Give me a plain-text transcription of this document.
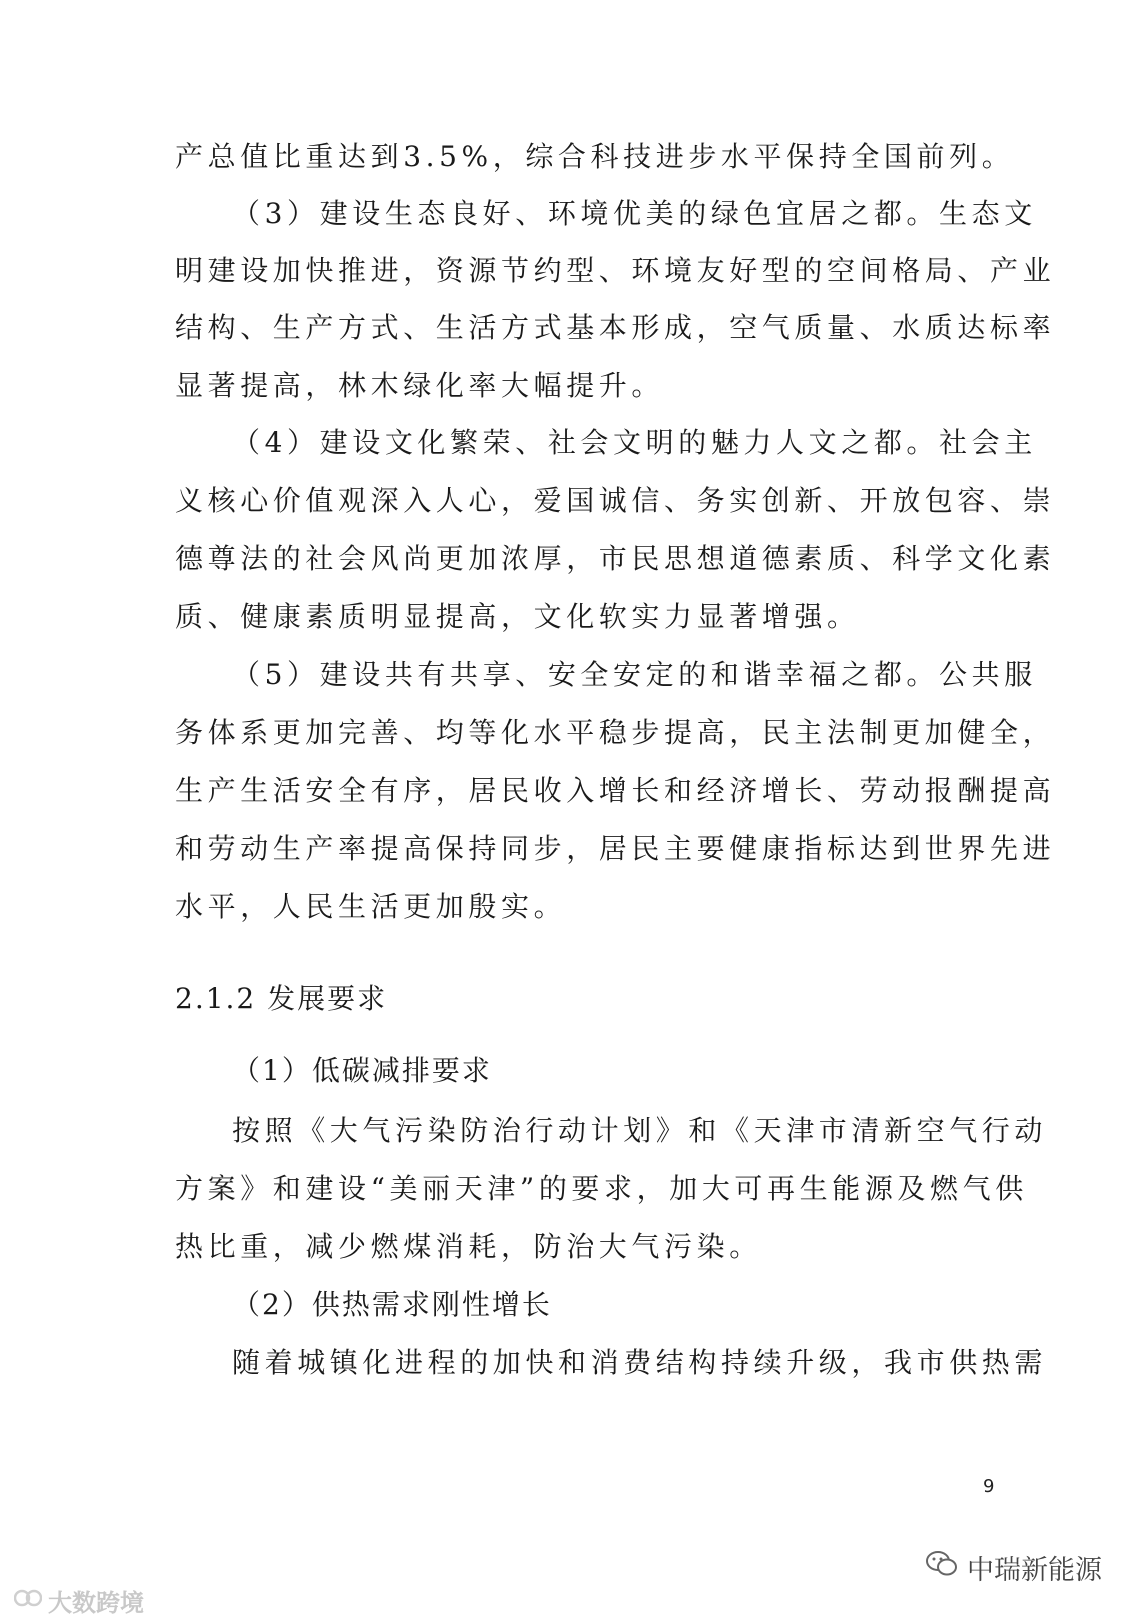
产总值比重达到3.5%，综合科技进步水平保持全国前列。
（3）建设生态良好、环境优美的绿色宜居之都。生态文
明建设加快推进，资源节约型、环境友好型的空间格局、产业
结构、生产方式、生活方式基本形成，空气质量、水质达标率
显著提高，林木绿化率大幅提升。
（4）建设文化繁荣、社会文明的魅力人文之都。社会主
义核心价值观深入人心，爱国诚信、务实创新、开放包容、崇
德尊法的社会风尚更加浓厚，市民思想道德素质、科学文化素
质、健康素质明显提高，文化软实力显著增强。
（5）建设共有共享、安全安定的和谐幸福之都。公共服
务体系更加完善、均等化水平稳步提高，民主法制更加健全，
生产生活安全有序，居民收入增长和经济增长、劳动报酬提高
和劳动生产率提高保持同步，居民主要健康指标达到世界先进
水平，人民生活更加殷实。
2.1.2 发展要求
（1）低碳减排要求
按照《大气污染防治行动计划》和《天津市清新空气行动
方案》和建设“美丽天津”的要求，加大可再生能源及燃气供
热比重，减少燃煤消耗，防治大气污染。
（2）供热需求刚性增长
随着城镇化进程的加快和消费结构持续升级，我市供热需
9
中瑞新能源
大数跨境
